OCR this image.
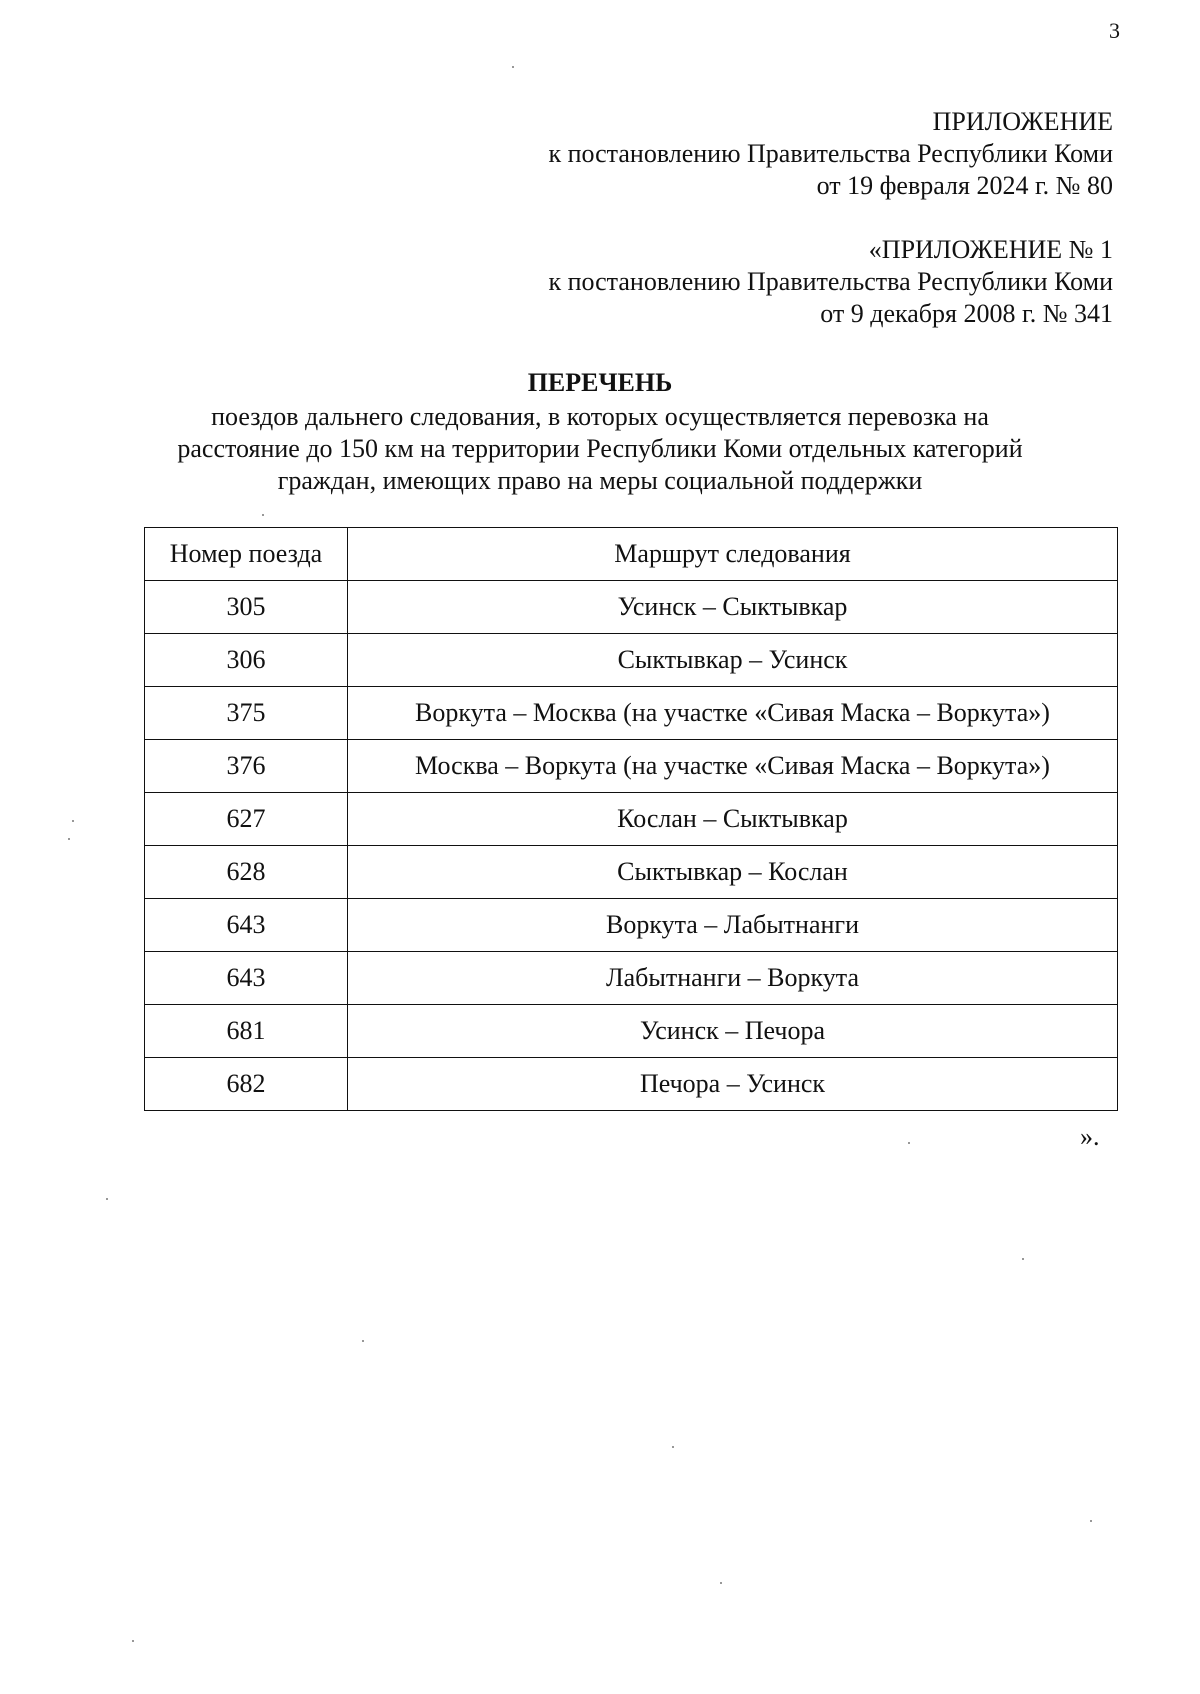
3
ПРИЛОЖЕНИЕ
к постановлению Правительства Республики Коми
от 19 февраля 2024 г. № 80
«ПРИЛОЖЕНИЕ № 1
к постановлению Правительства Республики Коми
от 9 декабря 2008 г. № 341
ПЕРЕЧЕНЬ
поездов дальнего следования, в которых осуществляется перевозка на
расстояние до 150 км на территории Республики Коми отдельных категорий
граждан, имеющих право на меры социальной поддержки
Номер поезда	Маршрут следования
305	Усинск – Сыктывкар
306	Сыктывкар – Усинск
375	Воркута – Москва (на участке «Сивая Маска – Воркута»)
376	Москва – Воркута (на участке «Сивая Маска – Воркута»)
627	Кослан – Сыктывкар
628	Сыктывкар – Кослан
643	Воркута – Лабытнанги
643	Лабытнанги – Воркута
681	Усинск – Печора
682	Печора – Усинск
».
